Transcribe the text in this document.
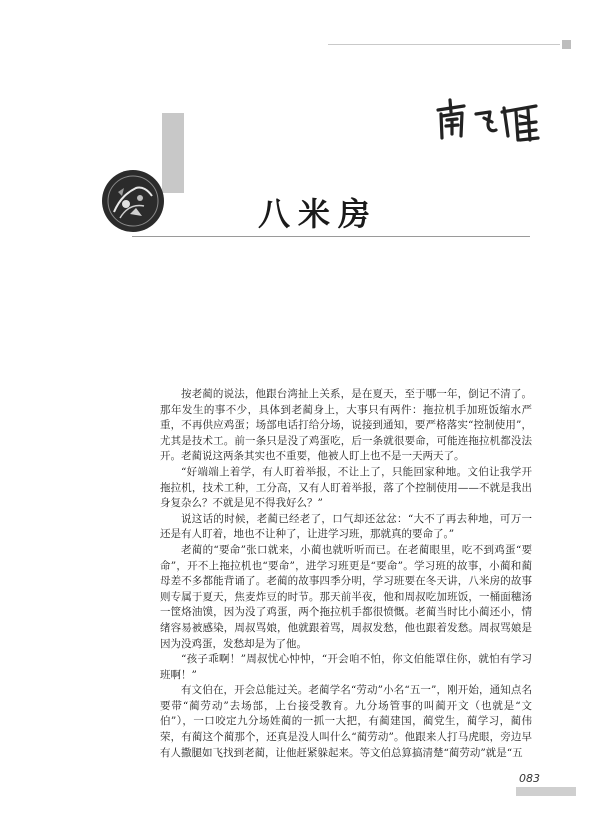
八米房

按老蔺的说法，他跟台湾扯上关系，是在夏天，至于哪一年，倒记不清了。那年发生的事不少，具体到老蔺身上，大事只有两件：拖拉机手加班饭缩水严重，不再供应鸡蛋；场部电话打给分场，说接到通知，要严格落实“控制使用”，尤其是技术工。前一条只是没了鸡蛋吃，后一条就很要命，可能连拖拉机都没法开。老蔺说这两条其实也不重要，他被人盯上也不是一天两天了。

“好端端上着学，有人盯着举报，不让上了，只能回家种地。文伯让我学开拖拉机，技术工种，工分高，又有人盯着举报，落了个控制使用——不就是我出身复杂么？不就是见不得我好么？”

说这话的时候，老蔺已经老了，口气却还忿忿：“大不了再去种地，可万一还是有人盯着，地也不让种了，让进学习班，那就真的要命了。”

老蔺的“要命”张口就来，小蔺也就听听而已。在老蔺眼里，吃不到鸡蛋“要命”，开不上拖拉机也“要命”，进学习班更是“要命”。学习班的故事，小蔺和蔺母差不多都能背诵了。老蔺的故事四季分明，学习班要在冬天讲，八米房的故事则专属于夏天，焦麦炸豆的时节。那天前半夜，他和周叔吃加班饭，一桶面穗汤一筐烙油馍，因为没了鸡蛋，两个拖拉机手都很愤慨。老蔺当时比小蔺还小，情绪容易被感染，周叔骂娘，他就跟着骂，周叔发愁，他也跟着发愁。周叔骂娘是因为没鸡蛋，发愁却是为了他。

“孩子乖啊！”周叔忧心忡忡，“开会咱不怕，你文伯能罩住你，就怕有学习班啊！”

有文伯在，开会总能过关。老蔺学名“劳动”小名“五一”，刚开始，通知点名要带“蔺劳动”去场部，上台接受教育。九分场管事的叫蔺开文（也就是“文伯”），一口咬定九分场姓蔺的一抓一大把，有蔺建国，蔺党生，蔺学习，蔺伟荣，有蔺这个蔺那个，还真是没人叫什么“蔺劳动”。他跟来人打马虎眼，旁边早有人撒腿如飞找到老蔺，让他赶紧躲起来。等文伯总算搞清楚“蔺劳动”就是“五

083
